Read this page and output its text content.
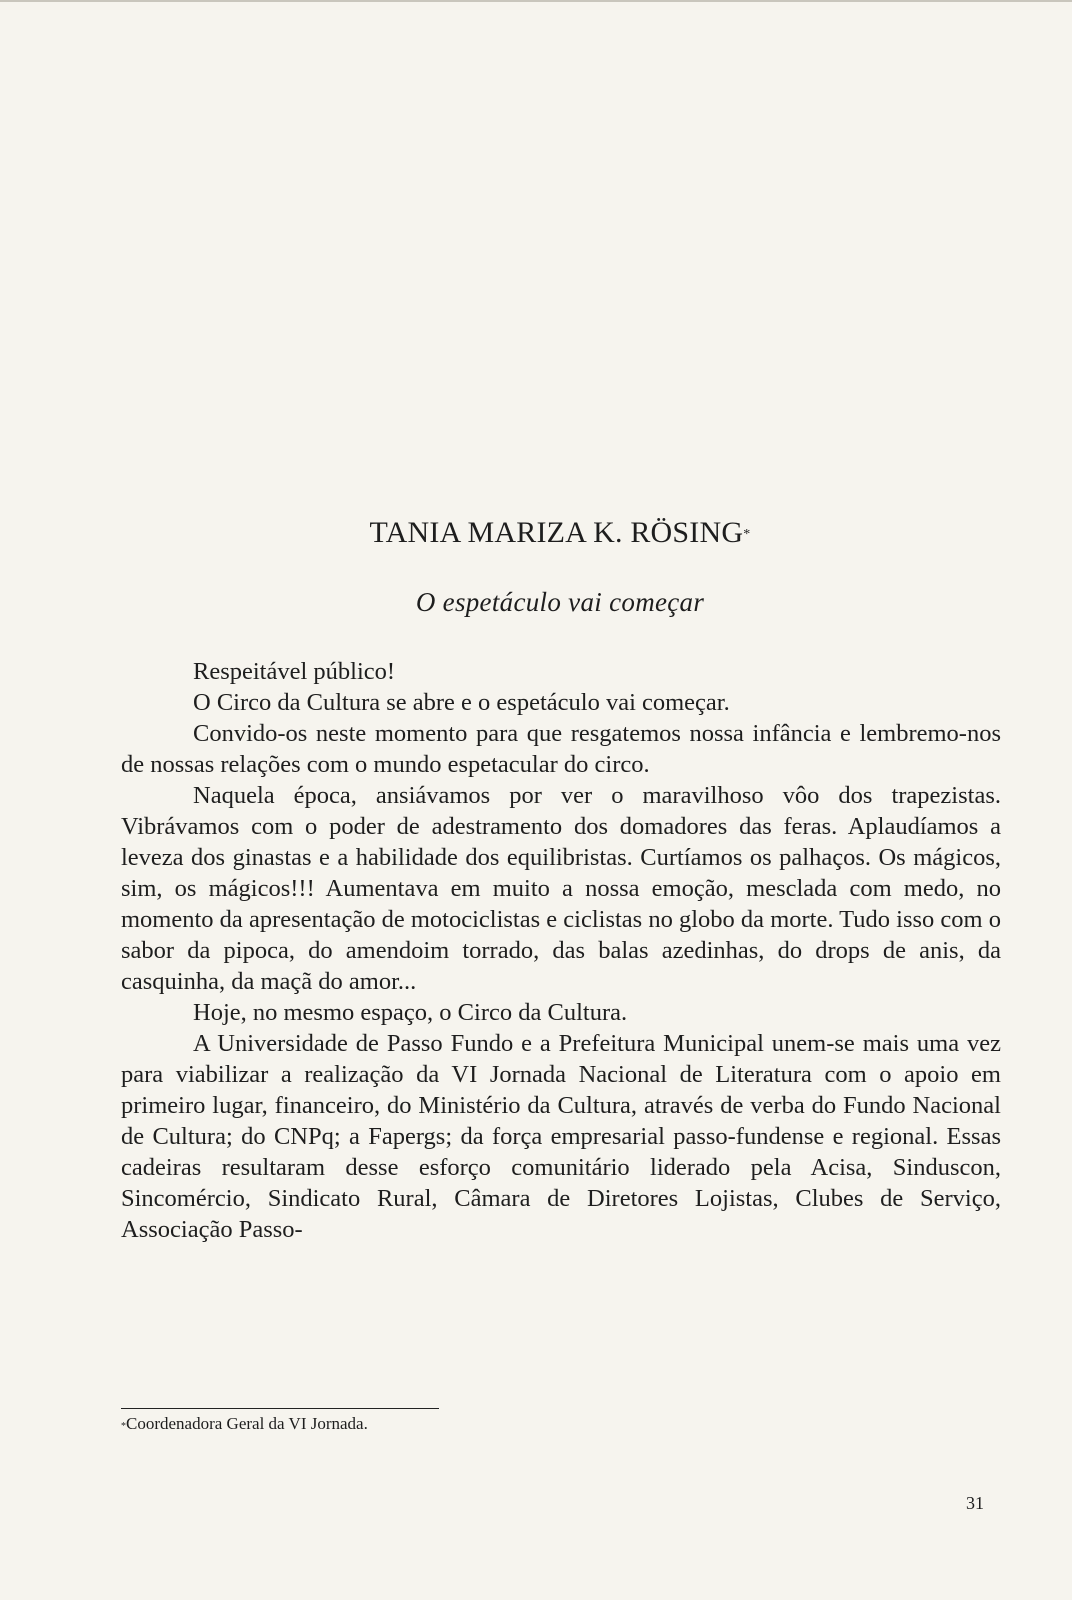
TANIA MARIZA K. RÖSING*
O espetáculo vai começar

Respeitável público!

O Circo da Cultura se abre e o espetáculo vai começar.

Convido-os neste momento para que resgatemos nossa infância e lembremo-nos de nossas relações com o mundo espetacular do circo.

Naquela época, ansiávamos por ver o maravilhoso vôo dos trapezistas. Vibrávamos com o poder de adestramento dos domadores das feras. Aplaudíamos a leveza dos ginastas e a habilidade dos equilibristas. Curtíamos os palhaços. Os mágicos, sim, os mágicos!!! Aumentava em muito a nossa emoção, mesclada com medo, no momento da apresentação de motociclistas e ciclistas no globo da morte. Tudo isso com o sabor da pipoca, do amendoim torrado, das balas azedinhas, do drops de anis, da casquinha, da maçã do amor...

Hoje, no mesmo espaço, o Circo da Cultura.

A Universidade de Passo Fundo e a Prefeitura Municipal unem-se mais uma vez para viabilizar a realização da VI Jornada Nacional de Literatura com o apoio em primeiro lugar, financeiro, do Ministério da Cultura, através de verba do Fundo Nacional de Cultura; do CNPq; a Fapergs; da força empresarial passo-fundense e regional. Essas cadeiras resultaram desse esforço comunitário liderado pela Acisa, Sinduscon, Sincomércio, Sindicato Rural, Câmara de Diretores Lojistas, Clubes de Serviço, Associação Passo-

*Coordenadora Geral da VI Jornada.
31
